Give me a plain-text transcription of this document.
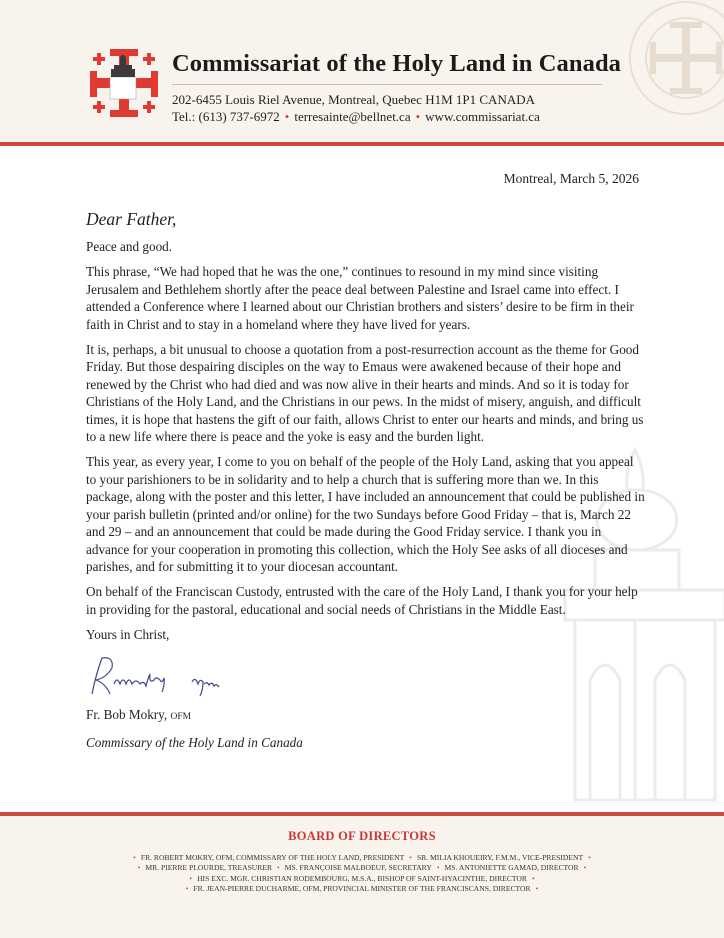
Commissariat of the Holy Land in Canada
202-6455 Louis Riel Avenue, Montreal, Quebec H1M 1P1 CANADA
Tel.: (613) 737-6972 • terresainte@bellnet.ca • www.commissariat.ca
Montreal, March 5, 2026

Dear Father,

Peace and good.

This phrase, “We had hoped that he was the one,” continues to resound in my mind since visiting Jerusalem and Bethlehem shortly after the peace deal between Palestine and Israel came into effect. I attended a Conference where I learned about our Christian brothers and sisters’ desire to be firm in their faith in Christ and to stay in a homeland where they have lived for years.

It is, perhaps, a bit unusual to choose a quotation from a post-resurrection account as the theme for Good Friday. But those despairing disciples on the way to Emaus were awakened because of their hope and renewed by the Christ who had died and was now alive in their hearts and minds. And so it is today for Christians of the Holy Land, and the Christians in our pews. In the midst of misery, anguish, and difficult times, it is hope that hastens the gift of our faith, allows Christ to enter our hearts and minds, and bring us to a new life where there is peace and the yoke is easy and the burden light.

This year, as every year, I come to you on behalf of the people of the Holy Land, asking that you appeal to your parishioners to be in solidarity and to help a church that is suffering more than we. In this package, along with the poster and this letter, I have included an announcement that could be published in your parish bulletin (printed and/or online) for the two Sundays before Good Friday – that is, March 22 and 29 – and an announcement that could be made during the Good Friday service. I thank you in advance for your cooperation in promoting this collection, which the Holy See asks of all dioceses and parishes, and for submitting it to your diocesan accountant.

On behalf of the Franciscan Custody, entrusted with the care of the Holy Land, I thank you for your help in providing for the pastoral, educational and social needs of Christians in the Middle East.

Yours in Christ,

Fr. Bob Mokry, OFM

Commissary of the Holy Land in Canada

BOARD OF DIRECTORS
• FR. ROBERT MOKRY, OFM, COMMISSARY OF THE HOLY LAND, PRESIDENT • SR. MILIA KHOUEIRY, F.M.M., VICE-PRESIDENT •
• MR. PIERRE PLOURDE, TREASURER • MS. FRANÇOISE MALBOEUF, SECRETARY • MS. ANTONIETTE GAMAD, DIRECTOR •
• HIS EXC. MGR. CHRISTIAN RODEMBOURG, M.S.A., BISHOP OF SAINT-HYACINTHE, DIRECTOR •
• FR. JEAN-PIERRE DUCHARME, OFM, PROVINCIAL MINISTER OF THE FRANCISCANS, DIRECTOR •
